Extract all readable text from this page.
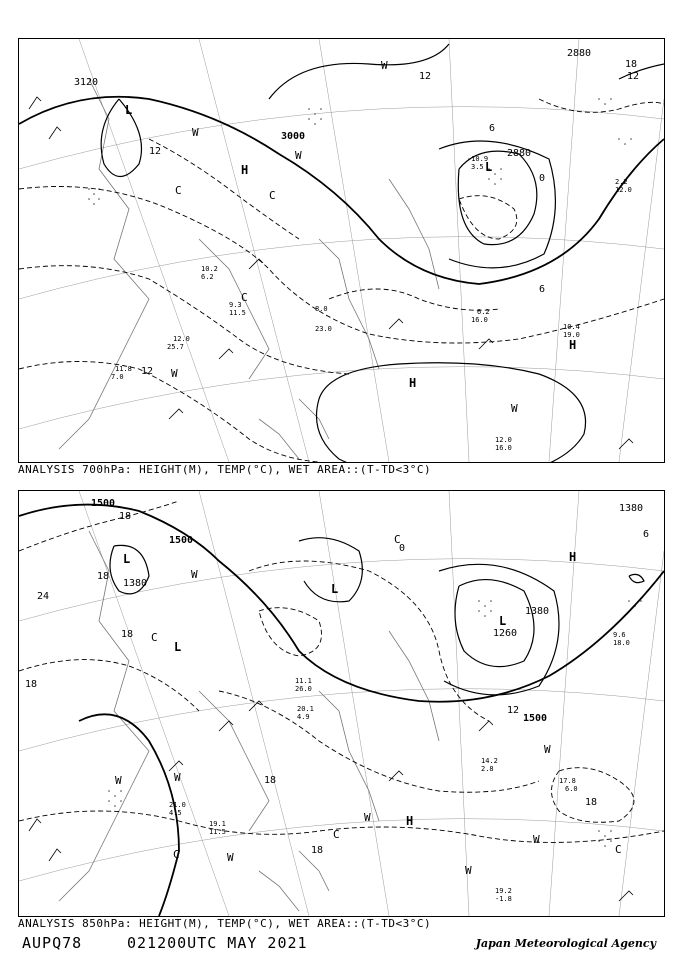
3120
3000
2880
2880
12
12
6
0
6
12
18
12
L
L
H
H
H
W
W
C
C
W
W
W
C
-10.9
3.5
12.0
16.0
10.4
19.0
6.2
16.0
12.0
25.7
11.8
7.0
2.2
12.0
9.3
11.5	8.0
23.0
10.2
6.2
ANALYSIS 700hPa: HEIGHT(M), TEMP(°C), WET AREA::(T-TD<3°C)
1500
1500
1380
1380
1260
1380
1500
18
24
18
18
18
18
18
12
0
18
6
L
L
L
L
H
H
C
C
W
W	W
W
W
C
W
C
W
C
W
17.8
6.0
19.2
-1.8
9.6
18.0
14.2
2.8
20.1
4.9
19.1
11.5
11.1
26.0
21.0
4.5
ANALYSIS 850hPa: HEIGHT(M), TEMP(°C), WET AREA::(T-TD<3°C)
AUPQ78	021200UTC MAY 2021	Japan Meteorological Agency
